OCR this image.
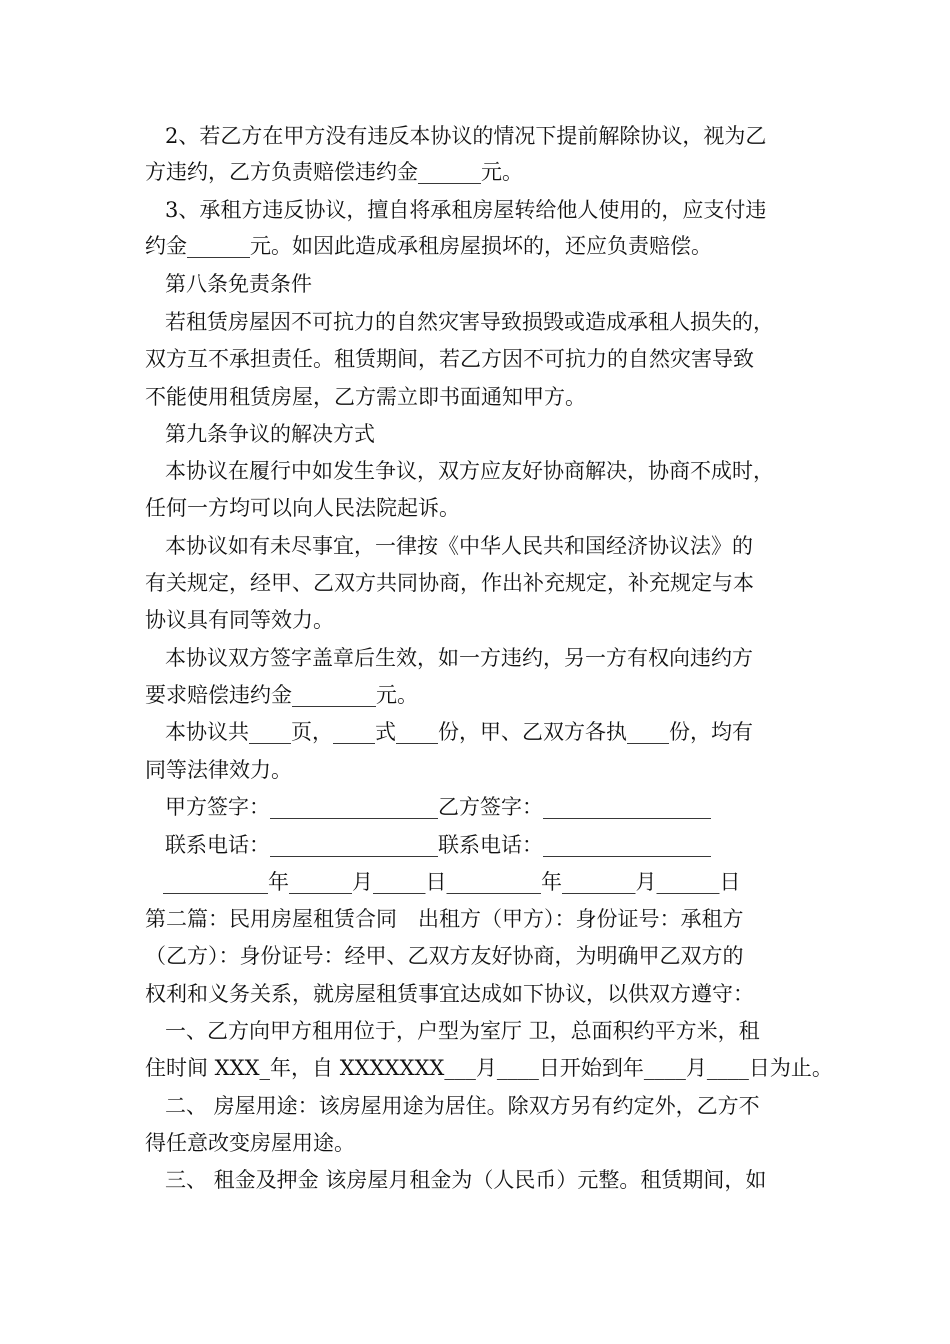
2、若乙方在甲方没有违反本协议的情况下提前解除协议，视为乙
方违约，乙方负责赔偿违约金______元。
3、承租方违反协议，擅自将承租房屋转给他人使用的，应支付违
约金______元。如因此造成承租房屋损坏的，还应负责赔偿。
第八条免责条件
若租赁房屋因不可抗力的自然灾害导致损毁或造成承租人损失的，
双方互不承担责任。租赁期间，若乙方因不可抗力的自然灾害导致
不能使用租赁房屋，乙方需立即书面通知甲方。
第九条争议的解决方式
本协议在履行中如发生争议，双方应友好协商解决，协商不成时，
任何一方均可以向人民法院起诉。
本协议如有未尽事宜，一律按《中华人民共和国经济协议法》的
有关规定，经甲、乙双方共同协商，作出补充规定，补充规定与本
协议具有同等效力。
本协议双方签字盖章后生效，如一方违约，另一方有权向违约方
要求赔偿违约金________元。
本协议共____页，____式____份，甲、乙双方各执____份，均有
同等法律效力。
甲方签字：________________乙方签字：________________
联系电话：________________联系电话：________________
__________年______月_____日_________年_______月______日
第二篇：民用房屋租赁合同　出租方（甲方）：身份证号：承租方
（乙方）：身份证号：经甲、乙双方友好协商，为明确甲乙双方的
权利和义务关系，就房屋租赁事宜达成如下协议，以供双方遵守：
一、乙方向甲方租用位于，户型为室厅 卫，总面积约平方米，租
住时间 XXX_年，自 XXXXXXX___月____日开始到年____月____日为止。
二、 房屋用途：该房屋用途为居住。除双方另有约定外，乙方不
得任意改变房屋用途。
三、 租金及押金 该房屋月租金为（人民币）元整。租赁期间，如
